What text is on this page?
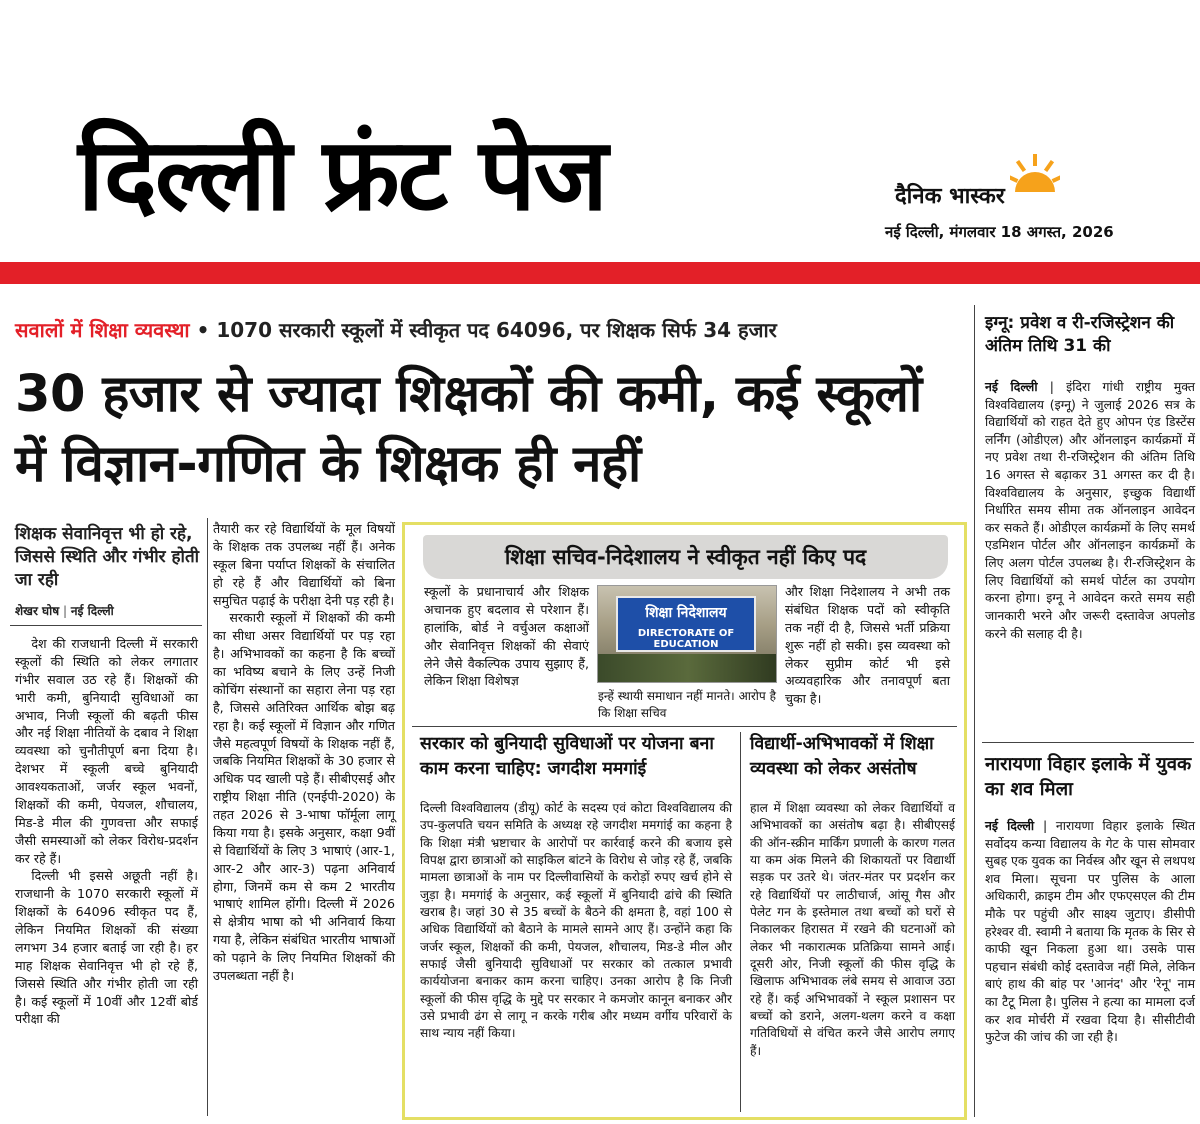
दिल्ली फ्रंट पेज	दैनिक भास्कर
नई दिल्ली, मंगलवार 18 अगस्त, 2026
सवालों में शिक्षा व्यवस्था • 1070 सरकारी स्कूलों में स्वीकृत पद 64096, पर शिक्षक सिर्फ 34 हजार
30 हजार से ज्यादा शिक्षकों की कमी, कई स्कूलों में विज्ञान-गणित के शिक्षक ही नहीं
शिक्षक सेवानिवृत्त भी हो रहे, जिससे स्थिति और गंभीर होती जा रही
शेखर घोष | नई दिल्ली

देश की राजधानी दिल्ली में सरकारी स्कूलों की स्थिति को लेकर लगातार गंभीर सवाल उठ रहे हैं। शिक्षकों की भारी कमी, बुनियादी सुविधाओं का अभाव, निजी स्कूलों की बढ़ती फीस और नई शिक्षा नीतियों के दबाव ने शिक्षा व्यवस्था को चुनौतीपूर्ण बना दिया है। देशभर में स्कूली बच्चे बुनियादी आवश्यकताओं, जर्जर स्कूल भवनों, शिक्षकों की कमी, पेयजल, शौचालय, मिड-डे मील की गुणवत्ता और सफाई जैसी समस्याओं को लेकर विरोध-प्रदर्शन कर रहे हैं।

दिल्ली भी इससे अछूती नहीं है। राजधानी के 1070 सरकारी स्कूलों में शिक्षकों के 64096 स्वीकृत पद हैं, लेकिन नियमित शिक्षकों की संख्या लगभग 34 हजार बताई जा रही है। हर माह शिक्षक सेवानिवृत्त भी हो रहे हैं, जिससे स्थिति और गंभीर होती जा रही है। कई स्कूलों में 10वीं और 12वीं बोर्ड परीक्षा की

तैयारी कर रहे विद्यार्थियों के मूल विषयों के शिक्षक तक उपलब्ध नहीं हैं। अनेक स्कूल बिना पर्याप्त शिक्षकों के संचालित हो रहे हैं और विद्यार्थियों को बिना समुचित पढ़ाई के परीक्षा देनी पड़ रही है।

सरकारी स्कूलों में शिक्षकों की कमी का सीधा असर विद्यार्थियों पर पड़ रहा है। अभिभावकों का कहना है कि बच्चों का भविष्य बचाने के लिए उन्हें निजी कोचिंग संस्थानों का सहारा लेना पड़ रहा है, जिससे अतिरिक्त आर्थिक बोझ बढ़ रहा है। कई स्कूलों में विज्ञान और गणित जैसे महत्वपूर्ण विषयों के शिक्षक नहीं हैं, जबकि नियमित शिक्षकों के 30 हजार से अधिक पद खाली पड़े हैं। सीबीएसई और राष्ट्रीय शिक्षा नीति (एनईपी-2020) के तहत 2026 से 3-भाषा फॉर्मूला लागू किया गया है। इसके अनुसार, कक्षा 9वीं से विद्यार्थियों के लिए 3 भाषाएं (आर-1, आर-2 और आर-3) पढ़ना अनिवार्य होगा, जिनमें कम से कम 2 भारतीय भाषाएं शामिल होंगी। दिल्ली में 2026 से क्षेत्रीय भाषा को भी अनिवार्य किया गया है, लेकिन संबंधित भारतीय भाषाओं को पढ़ाने के लिए नियमित शिक्षकों की उपलब्धता नहीं है।

शिक्षा सचिव-निदेशालय ने स्वीकृत नहीं किए पद
स्कूलों के प्रधानाचार्य और शिक्षक अचानक हुए बदलाव से परेशान हैं। हालांकि, बोर्ड ने वर्चुअल कक्षाओं और सेवानिवृत्त शिक्षकों की सेवाएं लेने जैसे वैकल्पिक उपाय सुझाए हैं, लेकिन शिक्षा विशेषज्ञ
शिक्षा निदेशालय
DIRECTORATE OF EDUCATION
इन्हें स्थायी समाधान नहीं मानते। आरोप है कि शिक्षा सचिव
और शिक्षा निदेशालय ने अभी तक संबंधित शिक्षक पदों को स्वीकृति तक नहीं दी है, जिससे भर्ती प्रक्रिया शुरू नहीं हो सकी। इस व्यवस्था को लेकर सुप्रीम कोर्ट भी इसे अव्यवहारिक और तनावपूर्ण बता चुका है।
सरकार को बुनियादी सुविधाओं पर योजना बना काम करना चाहिए: जगदीश ममगांई
दिल्ली विश्वविद्यालय (डीयू) कोर्ट के सदस्य एवं कोटा विश्वविद्यालय की उप-कुलपति चयन समिति के अध्यक्ष रहे जगदीश ममगांई का कहना है कि शिक्षा मंत्री भ्रष्टाचार के आरोपों पर कार्रवाई करने की बजाय इसे विपक्ष द्वारा छात्राओं को साइकिल बांटने के विरोध से जोड़ रहे हैं, जबकि मामला छात्राओं के नाम पर दिल्लीवासियों के करोड़ों रुपए खर्च होने से जुड़ा है। ममगांई के अनुसार, कई स्कूलों में बुनियादी ढांचे की स्थिति खराब है। जहां 30 से 35 बच्चों के बैठने की क्षमता है, वहां 100 से अधिक विद्यार्थियों को बैठाने के मामले सामने आए हैं। उन्होंने कहा कि जर्जर स्कूल, शिक्षकों की कमी, पेयजल, शौचालय, मिड-डे मील और सफाई जैसी बुनियादी सुविधाओं पर सरकार को तत्काल प्रभावी कार्ययोजना बनाकर काम करना चाहिए। उनका आरोप है कि निजी स्कूलों की फीस वृद्धि के मुद्दे पर सरकार ने कमजोर कानून बनाकर और उसे प्रभावी ढंग से लागू न करके गरीब और मध्यम वर्गीय परिवारों के साथ न्याय नहीं किया।
विद्यार्थी-अभिभावकों में शिक्षा व्यवस्था को लेकर असंतोष
हाल में शिक्षा व्यवस्था को लेकर विद्यार्थियों व अभिभावकों का असंतोष बढ़ा है। सीबीएसई की ऑन-स्क्रीन मार्किंग प्रणाली के कारण गलत या कम अंक मिलने की शिकायतों पर विद्यार्थी सड़क पर उतरे थे। जंतर-मंतर पर प्रदर्शन कर रहे विद्यार्थियों पर लाठीचार्ज, आंसू गैस और पेलेट गन के इस्तेमाल तथा बच्चों को घरों से निकालकर हिरासत में रखने की घटनाओं को लेकर भी नकारात्मक प्रतिक्रिया सामने आई। दूसरी ओर, निजी स्कूलों की फीस वृद्धि के खिलाफ अभिभावक लंबे समय से आवाज उठा रहे हैं। कई अभिभावकों ने स्कूल प्रशासन पर बच्चों को डराने, अलग-थलग करने व कक्षा गतिविधियों से वंचित करने जैसे आरोप लगाए हैं।
इग्नू: प्रवेश व री-रजिस्ट्रेशन की अंतिम तिथि 31 की
नई दिल्ली | इंदिरा गांधी राष्ट्रीय मुक्त विश्वविद्यालय (इग्नू) ने जुलाई 2026 सत्र के विद्यार्थियों को राहत देते हुए ओपन एंड डिस्टेंस लर्निंग (ओडीएल) और ऑनलाइन कार्यक्रमों में नए प्रवेश तथा री-रजिस्ट्रेशन की अंतिम तिथि 16 अगस्त से बढ़ाकर 31 अगस्त कर दी है। विश्वविद्यालय के अनुसार, इच्छुक विद्यार्थी निर्धारित समय सीमा तक ऑनलाइन आवेदन कर सकते हैं। ओडीएल कार्यक्रमों के लिए समर्थ एडमिशन पोर्टल और ऑनलाइन कार्यक्रमों के लिए अलग पोर्टल उपलब्ध है। री-रजिस्ट्रेशन के लिए विद्यार्थियों को समर्थ पोर्टल का उपयोग करना होगा। इग्नू ने आवेदन करते समय सही जानकारी भरने और जरूरी दस्तावेज अपलोड करने की सलाह दी है।
नारायणा विहार इलाके में युवक का शव मिला
नई दिल्ली | नारायणा विहार इलाके स्थित सर्वोदय कन्या विद्यालय के गेट के पास सोमवार सुबह एक युवक का निर्वस्त्र और खून से लथपथ शव मिला। सूचना पर पुलिस के आला अधिकारी, क्राइम टीम और एफएसएल की टीम मौके पर पहुंची और साक्ष्य जुटाए। डीसीपी हरेश्वर वी. स्वामी ने बताया कि मृतक के सिर से काफी खून निकला हुआ था। उसके पास पहचान संबंधी कोई दस्तावेज नहीं मिले, लेकिन बाएं हाथ की बांह पर 'आनंद' और 'रेनू' नाम का टैटू मिला है। पुलिस ने हत्या का मामला दर्ज कर शव मोर्चरी में रखवा दिया है। सीसीटीवी फुटेज की जांच की जा रही है।
